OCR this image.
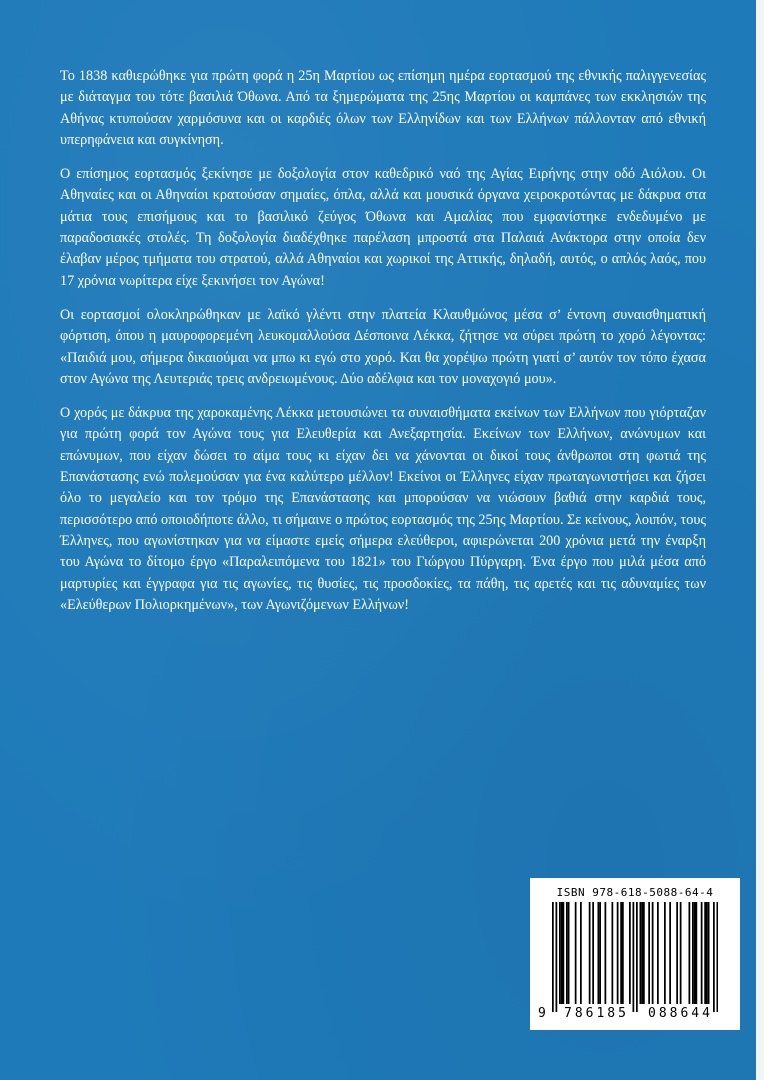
Το 1838 καθιερώθηκε για πρώτη φορά η 25η Μαρτίου ως επίσημη ημέρα εορτασμού της εθνικής παλιγγενεσίας με διάταγμα του τότε βασιλιά Όθωνα. Από τα ξημερώματα της 25ης Μαρτίου οι καμπάνες των εκκλησιών της Αθήνας κτυπούσαν χαρμόσυνα και οι καρδιές όλων των Ελληνίδων και των Ελλήνων πάλλονταν από εθνική υπερηφάνεια και συγκίνηση.

Ο επίσημος εορτασμός ξεκίνησε με δοξολογία στον καθεδρικό ναό της Αγίας Ειρήνης στην οδό Αιόλου. Οι Αθηναίες και οι Αθηναίοι κρατούσαν σημαίες, όπλα, αλλά και μουσικά όργανα χειροκροτώντας με δάκρυα στα μάτια τους επισήμους και το βασιλικό ζεύγος Όθωνα και Αμαλίας που εμφανίστηκε ενδεδυμένο με παραδοσιακές στολές. Τη δοξολογία διαδέχθηκε παρέλαση μπροστά στα Παλαιά Ανάκτορα στην οποία δεν έλαβαν μέρος τμήματα του στρατού, αλλά Αθηναίοι και χωρικοί της Αττικής, δηλαδή, αυτός, ο απλός λαός, που 17 χρόνια νωρίτερα είχε ξεκινήσει τον Αγώνα!

Οι εορτασμοί ολοκληρώθηκαν με λαϊκό γλέντι στην πλατεία Κλαυθμώνος μέσα σ’ έντονη συναισθηματική φόρτιση, όπου η μαυροφορεμένη λευκομαλλούσα Δέσποινα Λέκκα, ζήτησε να σύρει πρώτη το χορό λέγοντας: «Παιδιά μου, σήμερα δικαιούμαι να μπω κι εγώ στο χορό. Και θα χορέψω πρώτη γιατί σ’ αυτόν τον τόπο έχασα στον Αγώνα της Λευτεριάς τρεις ανδρειωμένους. Δύο αδέλφια και τον μοναχογιό μου».

Ο χορός με δάκρυα της χαροκαμένης Λέκκα μετουσιώνει τα συναισθήματα εκείνων των Ελλήνων που γιόρταζαν για πρώτη φορά τον Αγώνα τους για Ελευθερία και Ανεξαρτησία. Εκείνων των Ελλήνων, ανώνυμων και επώνυμων, που είχαν δώσει το αίμα τους κι είχαν δει να χάνονται οι δικοί τους άνθρωποι στη φωτιά της Επανάστασης ενώ πολεμούσαν για ένα καλύτερο μέλλον! Εκείνοι οι Έλληνες είχαν πρωταγωνιστήσει και ζήσει όλο το μεγαλείο και τον τρόμο της Επανάστασης και μπορούσαν να νιώσουν βαθιά στην καρδιά τους, περισσότερο από οποιοδήποτε άλλο, τι σήμαινε ο πρώτος εορτασμός της 25ης Μαρτίου. Σε κείνους, λοιπόν, τους Έλληνες, που αγωνίστηκαν για να είμαστε εμείς σήμερα ελεύθεροι, αφιερώνεται 200 χρόνια μετά την έναρξη του Αγώνα το δίτομο έργο «Παραλειπόμενα του 1821» του Γιώργου Πύργαρη. Ένα έργο που μιλά μέσα από μαρτυρίες και έγγραφα για τις αγωνίες, τις θυσίες, τις προσδοκίες, τα πάθη, τις αρετές και τις αδυναμίες των «Ελεύθερων Πολιορκημένων», των Αγωνιζόμενων Ελλήνων!

ISBN 978-618-5088-64-4
9 786185 088644
